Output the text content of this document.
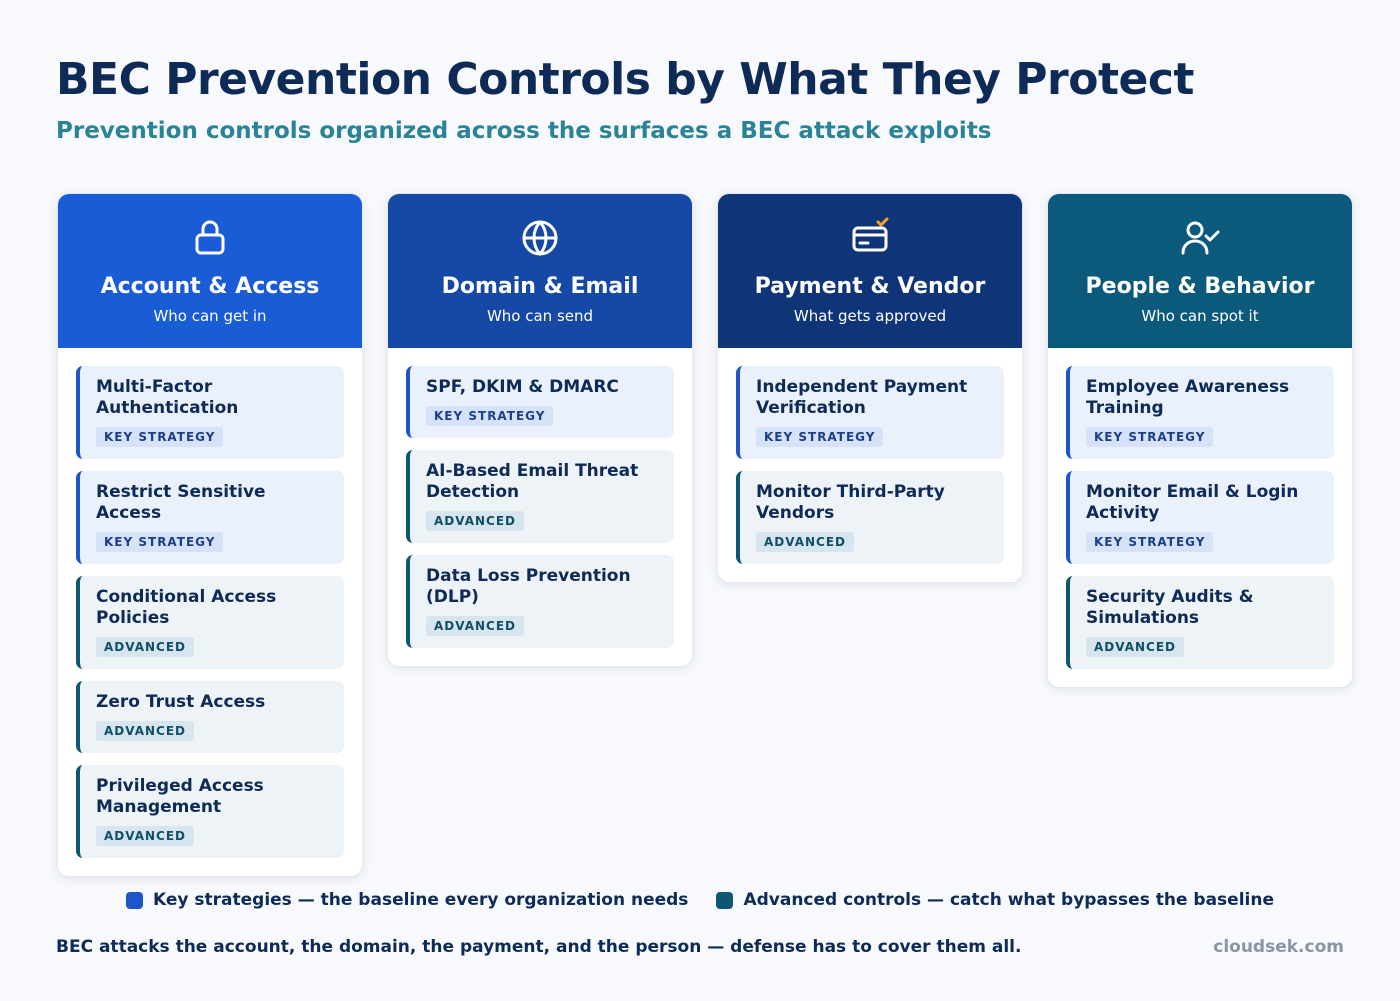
BEC Prevention Controls by What They Protect
Prevention controls organized across the surfaces a BEC attack exploits
Account & Access
Who can get in
Multi-Factor Authentication
KEY STRATEGY
Restrict Sensitive Access
KEY STRATEGY
Conditional Access Policies
ADVANCED
Zero Trust Access
ADVANCED
Privileged Access Management
ADVANCED
Domain & Email
Who can send
SPF, DKIM & DMARC
KEY STRATEGY
AI-Based Email Threat Detection
ADVANCED
Data Loss Prevention (DLP)
ADVANCED
Payment & Vendor
What gets approved
Independent Payment Verification
KEY STRATEGY
Monitor Third-Party Vendors
ADVANCED
People & Behavior
Who can spot it
Employee Awareness Training
KEY STRATEGY
Monitor Email & Login Activity
KEY STRATEGY
Security Audits & Simulations
ADVANCED
Key strategies — the baseline every organization needs	Advanced controls — catch what bypasses the baseline
BEC attacks the account, the domain, the payment, and the person — defense has to cover them all.	cloudsek.com
